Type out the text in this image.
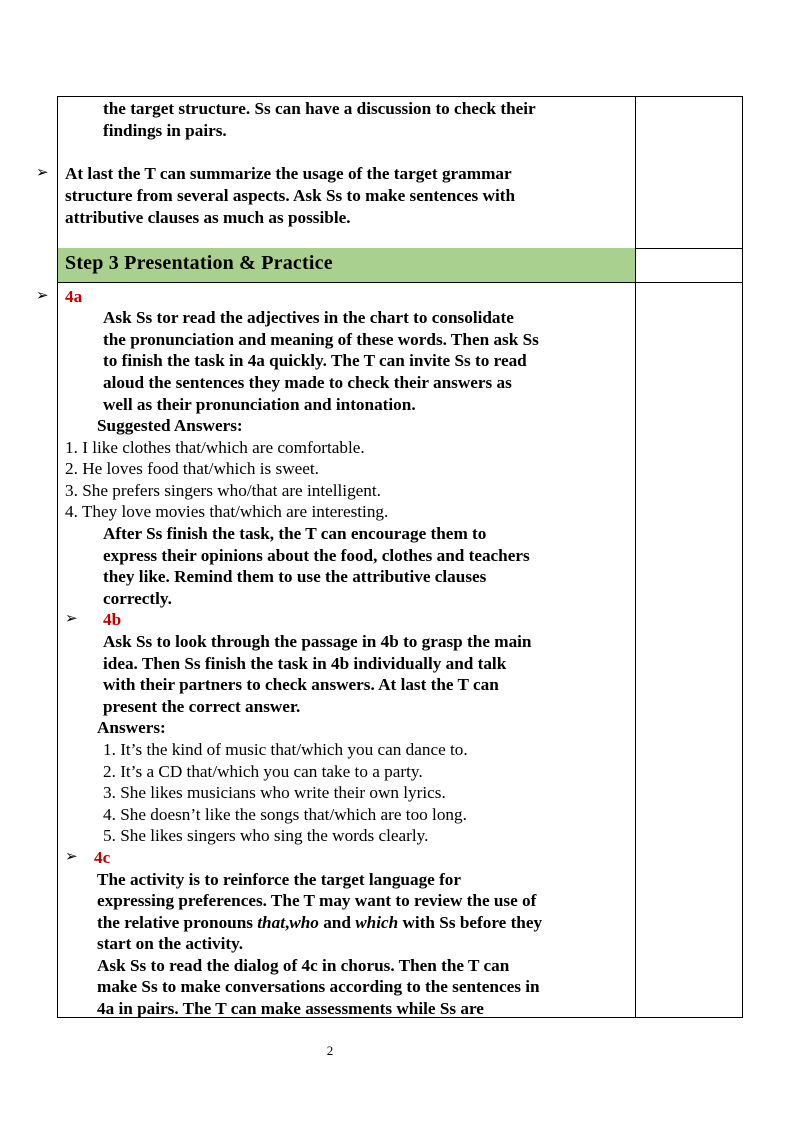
Step 3 Presentation & Practice
the target structure. Ss can have a discussion to check their
findings in pairs.
➢ At last the T can summarize the usage of the target grammar
structure from several aspects. Ask Ss to make sentences with
attributive clauses as much as possible.
➢ 4a
Ask Ss tor read the adjectives in the chart to consolidate
the pronunciation and meaning of these words. Then ask Ss
to finish the task in 4a quickly. The T can invite Ss to read
aloud the sentences they made to check their answers as
well as their pronunciation and intonation.
Suggested Answers:
1. I like clothes that/which are comfortable.
2. He loves food that/which is sweet.
3. She prefers singers who/that are intelligent.
4. They love movies that/which are interesting.
After Ss finish the task, the T can encourage them to
express their opinions about the food, clothes and teachers
they like. Remind them to use the attributive clauses
correctly.
➢ 4b
Ask Ss to look through the passage in 4b to grasp the main
idea. Then Ss finish the task in 4b individually and talk
with their partners to check answers. At last the T can
present the correct answer.
Answers:
1. It’s the kind of music that/which you can dance to.
2. It’s a CD that/which you can take to a party.
3. She likes musicians who write their own lyrics.
4. She doesn’t like the songs that/which are too long.
5. She likes singers who sing the words clearly.
➢ 4c
The activity is to reinforce the target language for
expressing preferences. The T may want to review the use of
the relative pronouns that,who and which with Ss before they
start on the activity.
Ask Ss to read the dialog of 4c in chorus. Then the T can
make Ss to make conversations according to the sentences in
4a in pairs. The T can make assessments while Ss are
2
